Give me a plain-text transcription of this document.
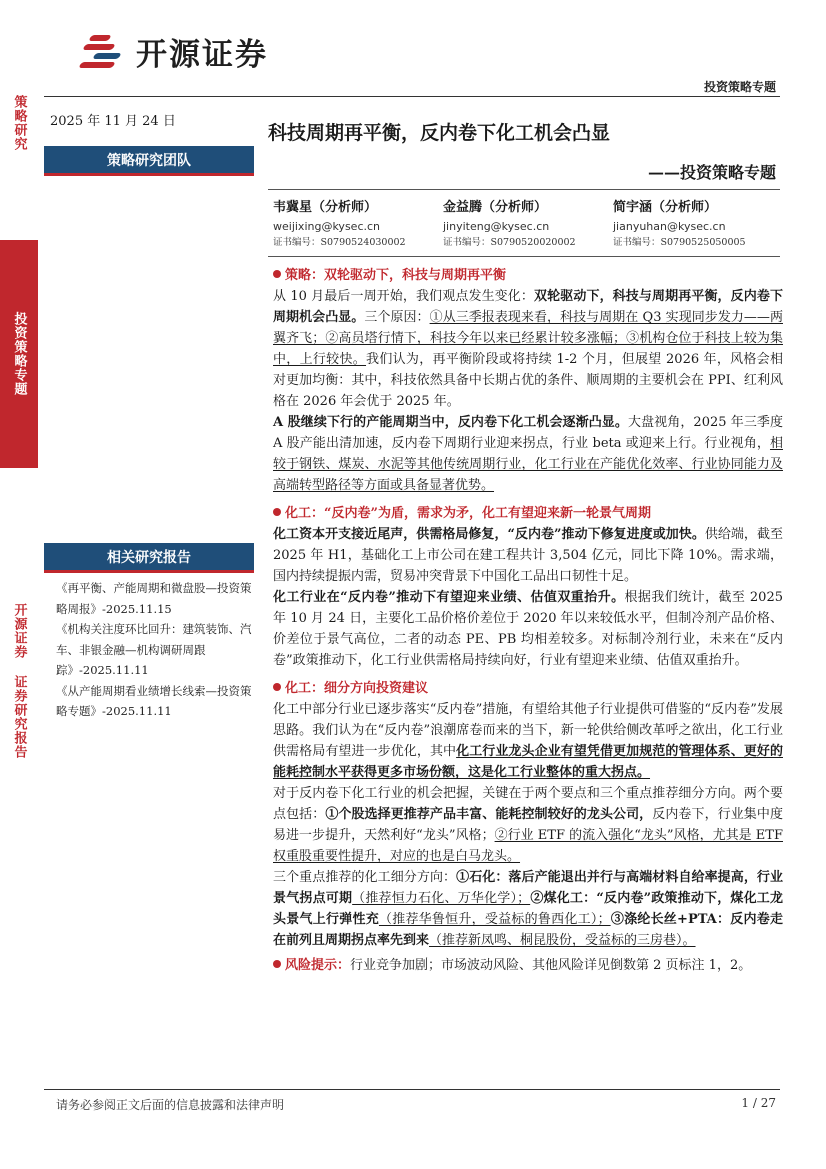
开源证券
投资策略专题
策略研究
投资策略专题
开源证券 证券研究报告
2025 年 11 月 24 日
策略研究团队
相关研究报告
《再平衡、产能周期和微盘股—投资策略周报》-2025.11.15
《机构关注度环比回升：建筑装饰、汽车、非银金融—机构调研周跟踪》-2025.11.11
《从产能周期看业绩增长线索—投资策略专题》-2025.11.11
科技周期再平衡，反内卷下化工机会凸显
——投资策略专题
韦冀星（分析师）
weijixing@kysec.cn
证书编号：S0790524030002
金益腾（分析师）
jinyiteng@kysec.cn
证书编号：S0790520020002
简宇涵（分析师）
jianyuhan@kysec.cn
证书编号：S0790525050005
策略：双轮驱动下，科技与周期再平衡

从 10 月最后一周开始，我们观点发生变化：双轮驱动下，科技与周期再平衡，反内卷下周期机会凸显。三个原因：①从三季报表现来看，科技与周期在 Q3 实现同步发力——两翼齐飞；②高员塔行情下，科技今年以来已经累计较多涨幅；③机构仓位于科技上较为集中，上行较快。我们认为，再平衡阶段或将持续 1-2 个月，但展望 2026 年，风格会相对更加均衡：其中，科技依然具备中长期占优的条件、顺周期的主要机会在 PPI、红利风格在 2026 年会优于 2025 年。

A 股继续下行的产能周期当中，反内卷下化工机会逐渐凸显。大盘视角，2025 年三季度 A 股产能出清加速，反内卷下周期行业迎来拐点，行业 beta 或迎来上行。行业视角，相较于钢铁、煤炭、水泥等其他传统周期行业，化工行业在产能优化效率、行业协同能力及高端转型路径等方面或具备显著优势。

化工：“反内卷”为盾，需求为矛，化工有望迎来新一轮景气周期

化工资本开支接近尾声，供需格局修复，“反内卷”推动下修复进度或加快。供给端，截至 2025 年 H1，基础化工上市公司在建工程共计 3,504 亿元，同比下降 10%。需求端，国内持续提振内需，贸易冲突背景下中国化工品出口韧性十足。

化工行业在“反内卷”推动下有望迎来业绩、估值双重抬升。根据我们统计，截至 2025 年 10 月 24 日，主要化工品价格价差位于 2020 年以来较低水平，但制冷剂产品价格、价差位于景气高位，二者的动态 PE、PB 均相差较多。对标制冷剂行业，未来在“反内卷”政策推动下，化工行业供需格局持续向好，行业有望迎来业绩、估值双重抬升。

化工：细分方向投资建议

化工中部分行业已逐步落实“反内卷”措施，有望给其他子行业提供可借鉴的“反内卷”发展思路。我们认为在“反内卷”浪潮席卷而来的当下，新一轮供给侧改革呼之欲出，化工行业供需格局有望进一步优化，其中化工行业龙头企业有望凭借更加规范的管理体系、更好的能耗控制水平获得更多市场份额，这是化工行业整体的重大拐点。

对于反内卷下化工行业的机会把握，关键在于两个要点和三个重点推荐细分方向。两个要点包括：①个股选择更推荐产品丰富、能耗控制较好的龙头公司，反内卷下，行业集中度易进一步提升，天然利好“龙头”风格；②行业 ETF 的流入强化“龙头”风格，尤其是 ETF 权重股重要性提升，对应的也是白马龙头。

三个重点推荐的化工细分方向：①石化：落后产能退出并行与高端材料自给率提高，行业景气拐点可期（推荐恒力石化、万华化学）；②煤化工：“反内卷”政策推动下，煤化工龙头景气上行弹性充（推荐华鲁恒升，受益标的鲁西化工）；③涤纶长丝+PTA：反内卷走在前列且周期拐点率先到来（推荐新凤鸣、桐昆股份，受益标的三房巷）。

风险提示：行业竞争加剧；市场波动风险、其他风险详见倒数第 2 页标注 1，2。

请务必参阅正文后面的信息披露和法律声明	1 / 27
